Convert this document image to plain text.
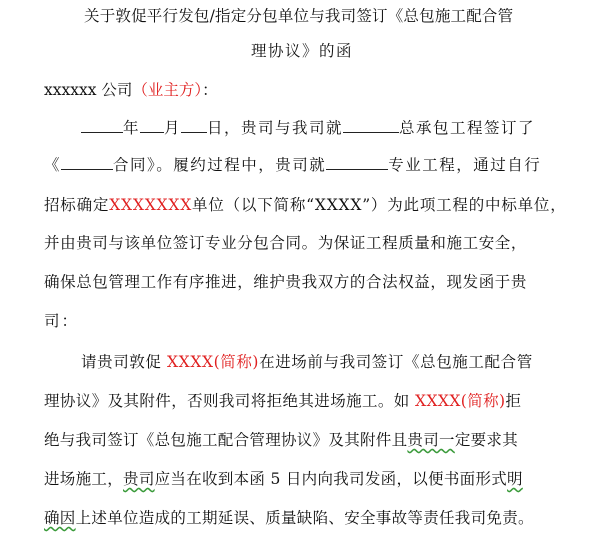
关于敦促平行发包/指定分包单位与我司签订《总包施工配合管
理协议》的函
xxxxxx 公司（业主方）：
年 月 日，贵司与我司就	总承包工程签订了
《	合同》。履约过程中，贵司就	专业工程，通过自行
招标确定XXXXXXX单位（以下简称“XXXX”）为此项工程的中标单位，
并由贵司与该单位签订专业分包合同。为保证工程质量和施工安全，
确保总包管理工作有序推进，维护贵我双方的合法权益，现发函于贵
司：
请贵司敦促 XXXX(简称)在进场前与我司签订《总包施工配合管
理协议》及其附件，否则我司将拒绝其进场施工。如 XXXX(简称)拒
绝与我司签订《总包施工配合管理协议》及其附件且贵司一定要求其
进场施工，贵司应当在收到本函 5 日内向我司发函，以便书面形式明
确因上述单位造成的工期延误、质量缺陷、安全事故等责任我司免责。
